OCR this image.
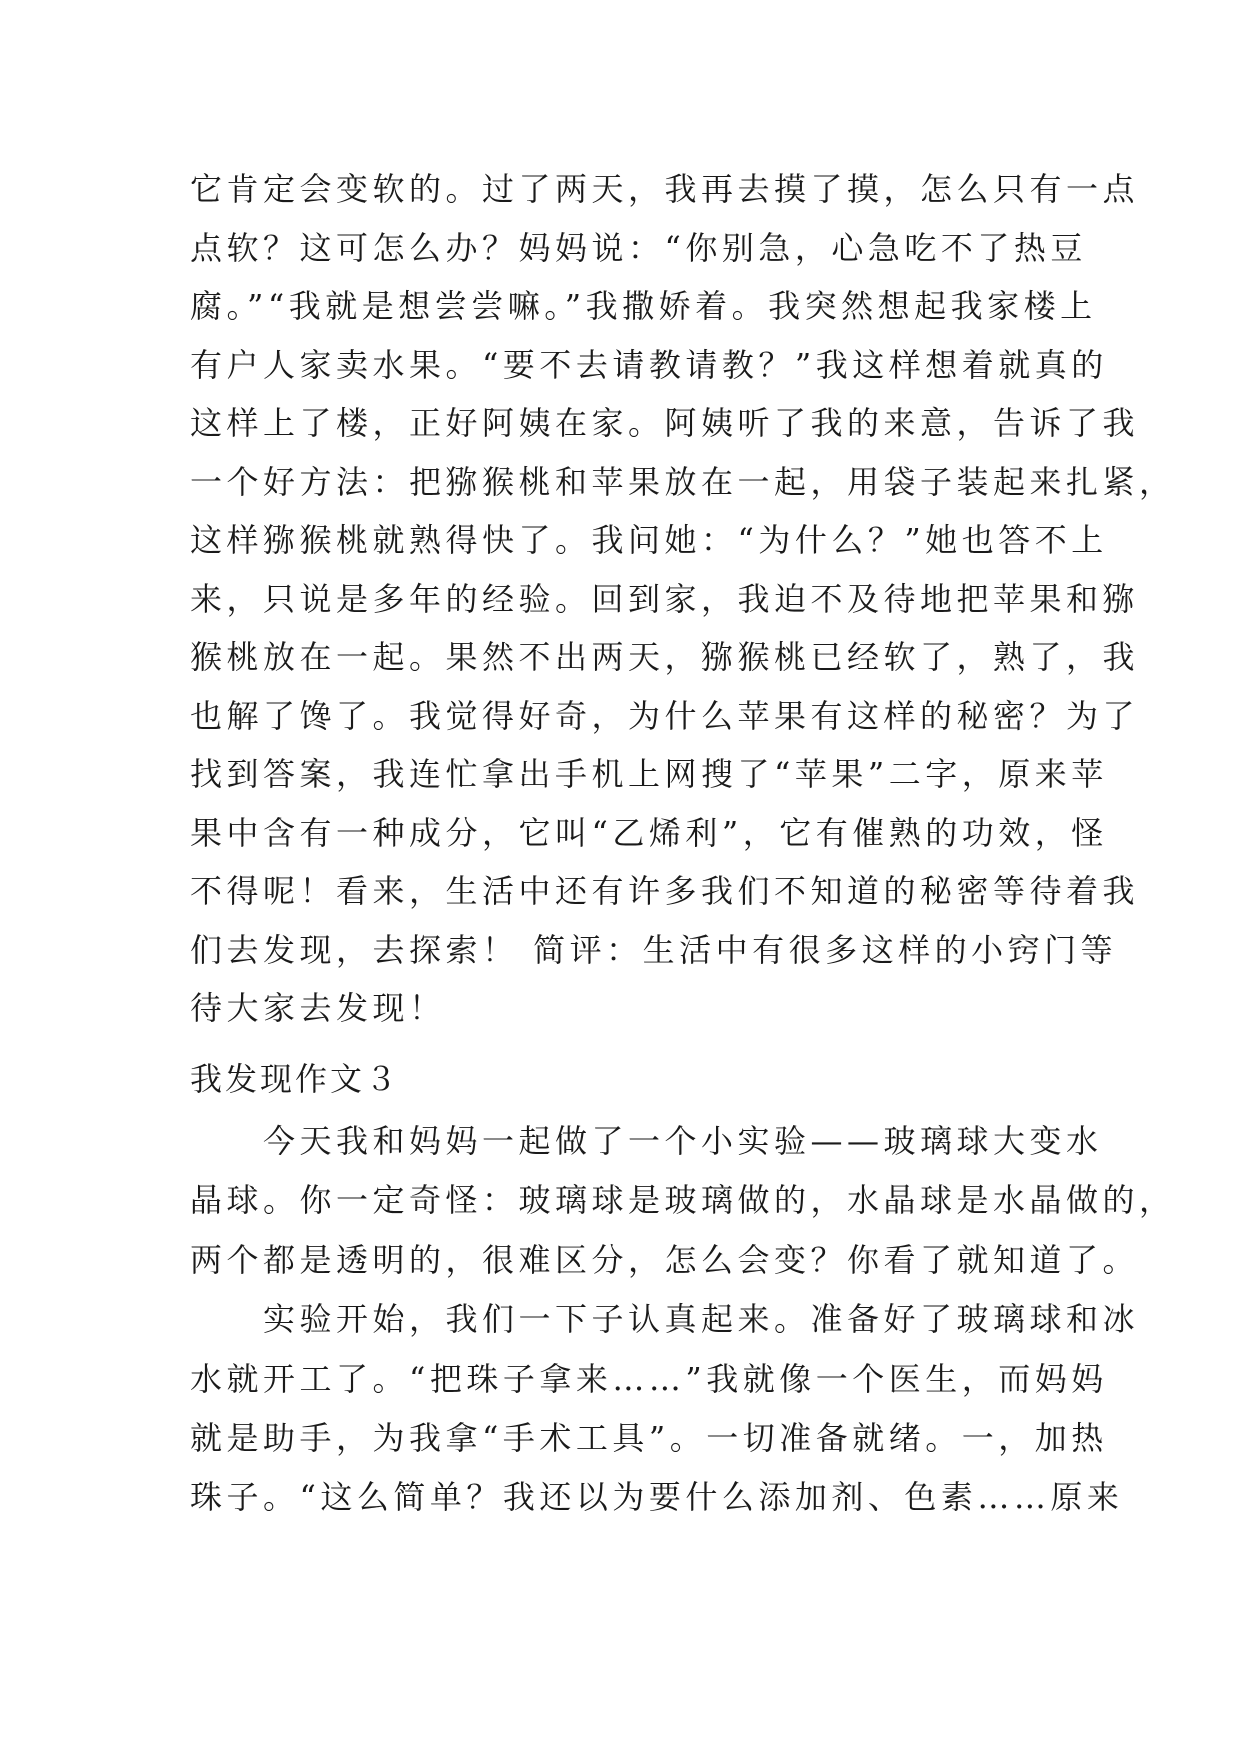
它肯定会变软的。过了两天，我再去摸了摸，怎么只有一点
点软？这可怎么办？妈妈说：“你别急，心急吃不了热豆
腐。”“我就是想尝尝嘛。”我撒娇着。我突然想起我家楼上
有户人家卖水果。“要不去请教请教？”我这样想着就真的
这样上了楼，正好阿姨在家。阿姨听了我的来意，告诉了我
一个好方法：把猕猴桃和苹果放在一起，用袋子装起来扎紧，
这样猕猴桃就熟得快了。我问她：“为什么？”她也答不上
来，只说是多年的经验。回到家，我迫不及待地把苹果和猕
猴桃放在一起。果然不出两天，猕猴桃已经软了，熟了，我
也解了馋了。我觉得好奇，为什么苹果有这样的秘密？为了
找到答案，我连忙拿出手机上网搜了“苹果”二字，原来苹
果中含有一种成分，它叫“乙烯利”，它有催熟的功效，怪
不得呢！看来，生活中还有许多我们不知道的秘密等待着我
们去发现，去探索！ 简评：生活中有很多这样的小窍门等
待大家去发现！
我发现作文３
　　今天我和妈妈一起做了一个小实验——玻璃球大变水
晶球。你一定奇怪：玻璃球是玻璃做的，水晶球是水晶做的，
两个都是透明的，很难区分，怎么会变？你看了就知道了。
　　实验开始，我们一下子认真起来。准备好了玻璃球和冰
水就开工了。“把珠子拿来……”我就像一个医生，而妈妈
就是助手，为我拿“手术工具”。一切准备就绪。一，加热
珠子。“这么简单？我还以为要什么添加剂、色素……原来
